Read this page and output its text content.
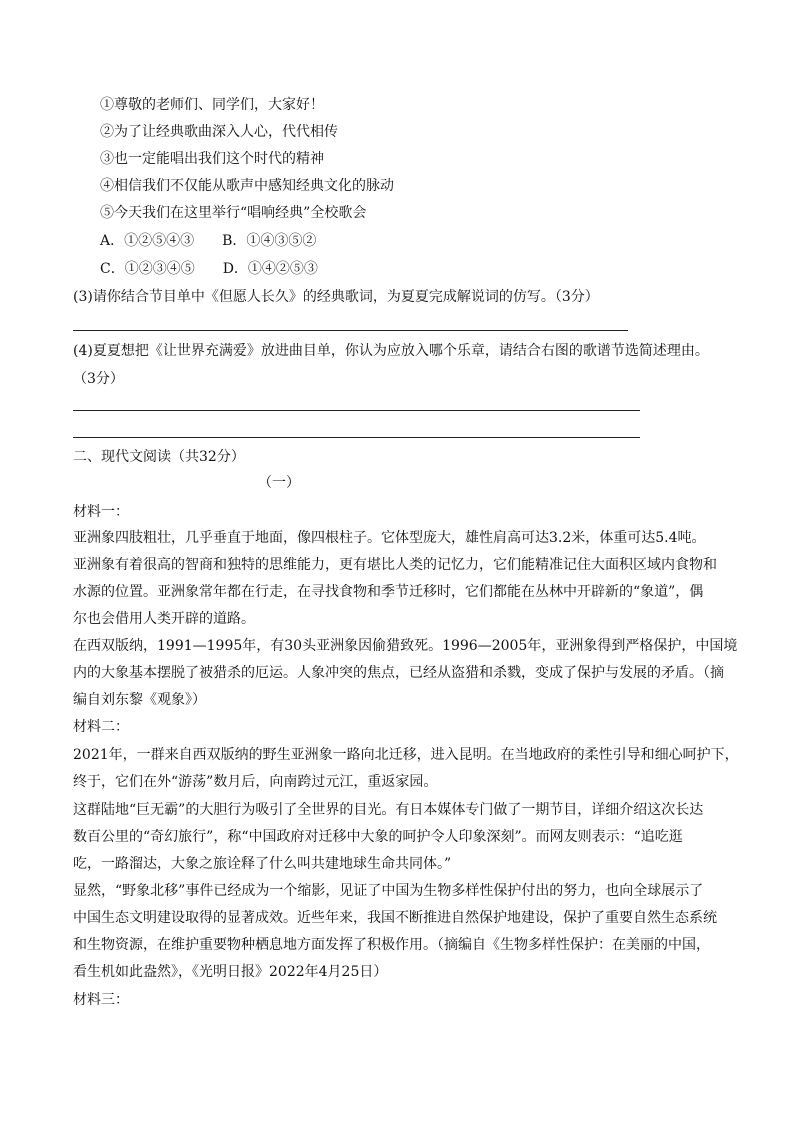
①尊敬的老师们、同学们，大家好！
②为了让经典歌曲深入人心，代代相传
③也一定能唱出我们这个时代的精神
④相信我们不仅能从歌声中感知经典文化的脉动
⑤今天我们在这里举行“唱响经典”全校歌会
A．①②⑤④③　　B．①④③⑤②
C．①②③④⑤　　D．①④②⑤③
(3)请你结合节目单中《但愿人长久》的经典歌词，为夏夏完成解说词的仿写。（3分）
(4)夏夏想把《让世界充满爱》放进曲目单，你认为应放入哪个乐章，请结合右图的歌谱节选简述理由。
（3分）
二、现代文阅读（共32分）
（一）
材料一：
亚洲象四肢粗壮，几乎垂直于地面，像四根柱子。它体型庞大，雄性肩高可达3.2米，体重可达5.4吨。
亚洲象有着很高的智商和独特的思维能力，更有堪比人类的记忆力，它们能精准记住大面积区域内食物和
水源的位置。亚洲象常年都在行走，在寻找食物和季节迁移时，它们都能在丛林中开辟新的“象道”，偶
尔也会借用人类开辟的道路。
在西双版纳，1991—1995年，有30头亚洲象因偷猎致死。1996—2005年，亚洲象得到严格保护，中国境
内的大象基本摆脱了被猎杀的厄运。人象冲突的焦点，已经从盗猎和杀戮，变成了保护与发展的矛盾。（摘
编自刘东黎《观象》）
材料二：
2021年，一群来自西双版纳的野生亚洲象一路向北迁移，进入昆明。在当地政府的柔性引导和细心呵护下，
终于，它们在外“游荡”数月后，向南跨过元江，重返家园。
这群陆地“巨无霸”的大胆行为吸引了全世界的目光。有日本媒体专门做了一期节目，详细介绍这次长达
数百公里的“奇幻旅行”，称“中国政府对迁移中大象的呵护令人印象深刻”。而网友则表示：“追吃逛
吃，一路溜达，大象之旅诠释了什么叫共建地球生命共同体。”
显然，“野象北移”事件已经成为一个缩影，见证了中国为生物多样性保护付出的努力，也向全球展示了
中国生态文明建设取得的显著成效。近些年来，我国不断推进自然保护地建设，保护了重要自然生态系统
和生物资源，在维护重要物种栖息地方面发挥了积极作用。（摘编自《生物多样性保护：在美丽的中国，
看生机如此盎然》，《光明日报》2022年4月25日）
材料三：
